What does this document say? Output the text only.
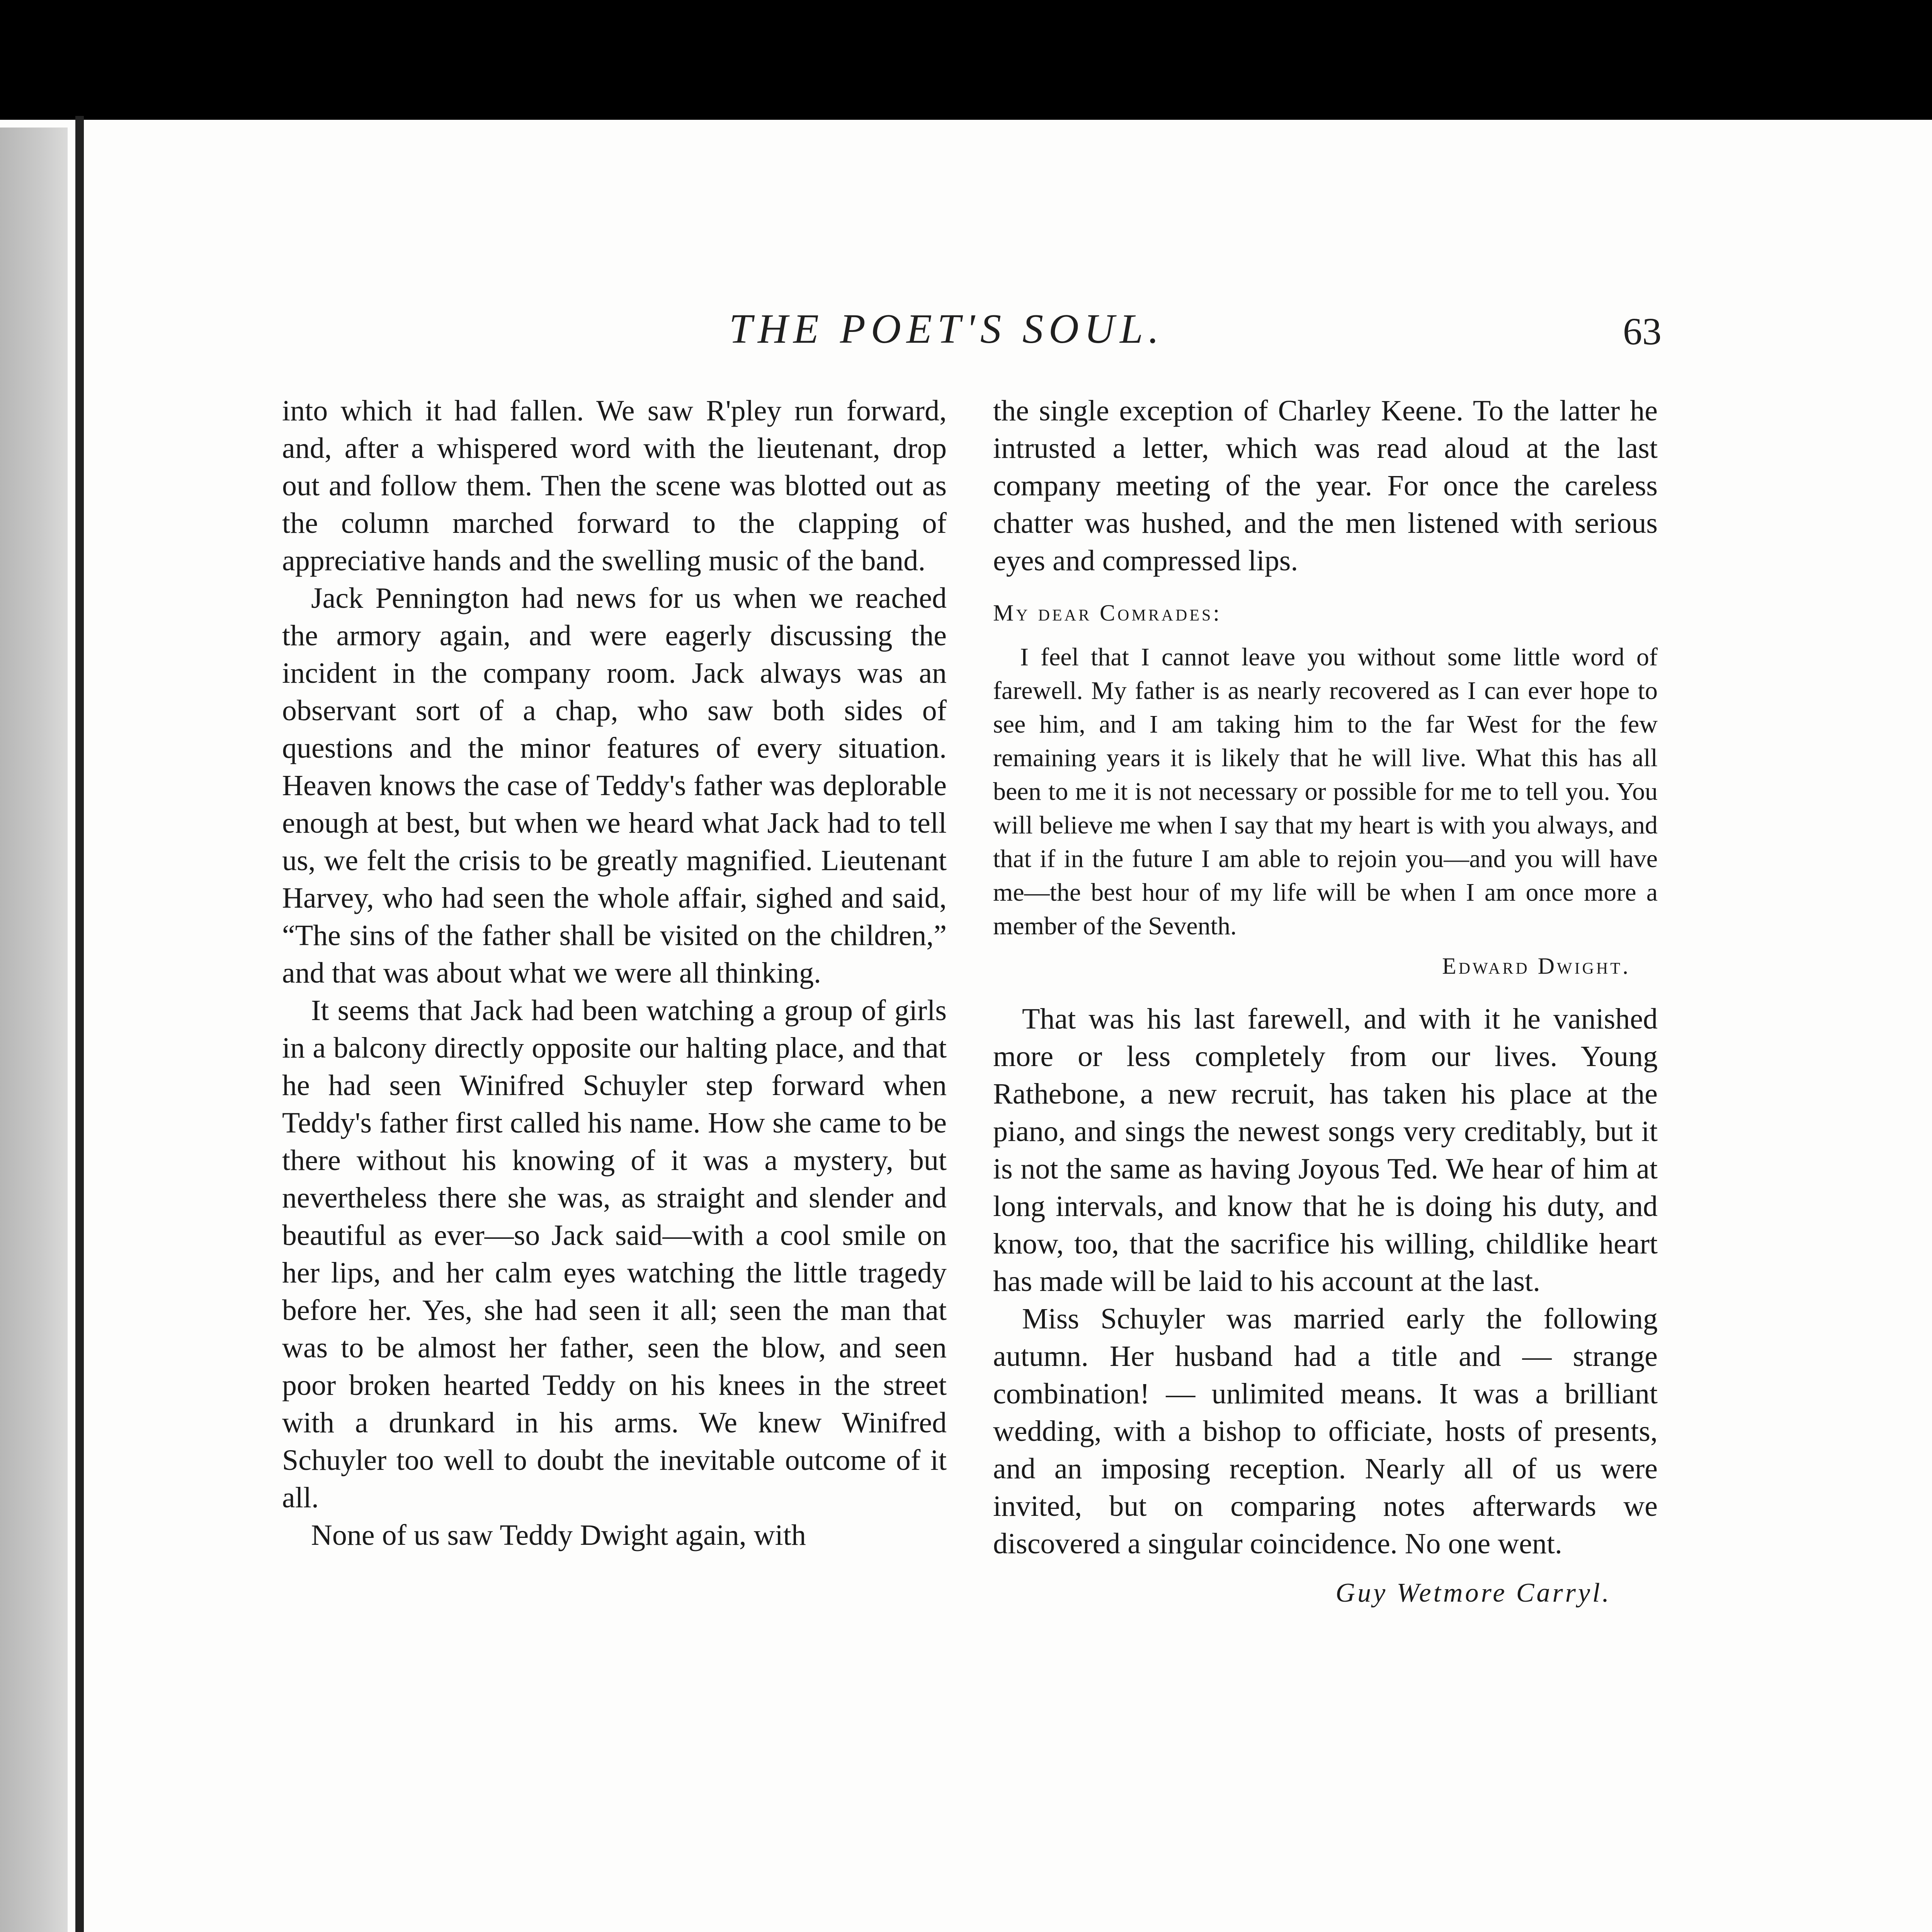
THE POET'S SOUL.	63

into which it had fallen. We saw R'pley run forward, and, after a whispered word with the lieutenant, drop out and follow them. Then the scene was blotted out as the column marched forward to the clapping of appreciative hands and the swelling music of the band.

Jack Pennington had news for us when we reached the armory again, and were eagerly discussing the incident in the company room. Jack always was an observant sort of a chap, who saw both sides of questions and the minor features of every situation. Heaven knows the case of Teddy's father was deplorable enough at best, but when we heard what Jack had to tell us, we felt the crisis to be greatly magnified. Lieutenant Harvey, who had seen the whole affair, sighed and said, “The sins of the father shall be visited on the children,” and that was about what we were all thinking.

It seems that Jack had been watching a group of girls in a balcony directly opposite our halting place, and that he had seen Winifred Schuyler step forward when Teddy's father first called his name. How she came to be there without his knowing of it was a mystery, but nevertheless there she was, as straight and slender and beautiful as ever—so Jack said—with a cool smile on her lips, and her calm eyes watching the little tragedy before her. Yes, she had seen it all; seen the man that was to be almost her father, seen the blow, and seen poor broken hearted Teddy on his knees in the street with a drunkard in his arms. We knew Winifred Schuyler too well to doubt the inevitable outcome of it all.

None of us saw Teddy Dwight again, with

the single exception of Charley Keene. To the latter he intrusted a letter, which was read aloud at the last company meeting of the year. For once the careless chatter was hushed, and the men listened with serious eyes and compressed lips.

My dear Comrades:

I feel that I cannot leave you without some little word of farewell. My father is as nearly recovered as I can ever hope to see him, and I am taking him to the far West for the few remaining years it is likely that he will live. What this has all been to me it is not necessary or possible for me to tell you. You will believe me when I say that my heart is with you always, and that if in the future I am able to rejoin you—and you will have me—the best hour of my life will be when I am once more a member of the Seventh.

Edward Dwight.

That was his last farewell, and with it he vanished more or less completely from our lives. Young Rathebone, a new recruit, has taken his place at the piano, and sings the newest songs very creditably, but it is not the same as having Joyous Ted. We hear of him at long intervals, and know that he is doing his duty, and know, too, that the sacrifice his willing, childlike heart has made will be laid to his account at the last.

Miss Schuyler was married early the following autumn. Her husband had a title and — strange combination! — unlimited means. It was a brilliant wedding, with a bishop to officiate, hosts of presents, and an imposing reception. Nearly all of us were invited, but on comparing notes afterwards we discovered a singular coincidence. No one went.

Guy Wetmore Carryl.
